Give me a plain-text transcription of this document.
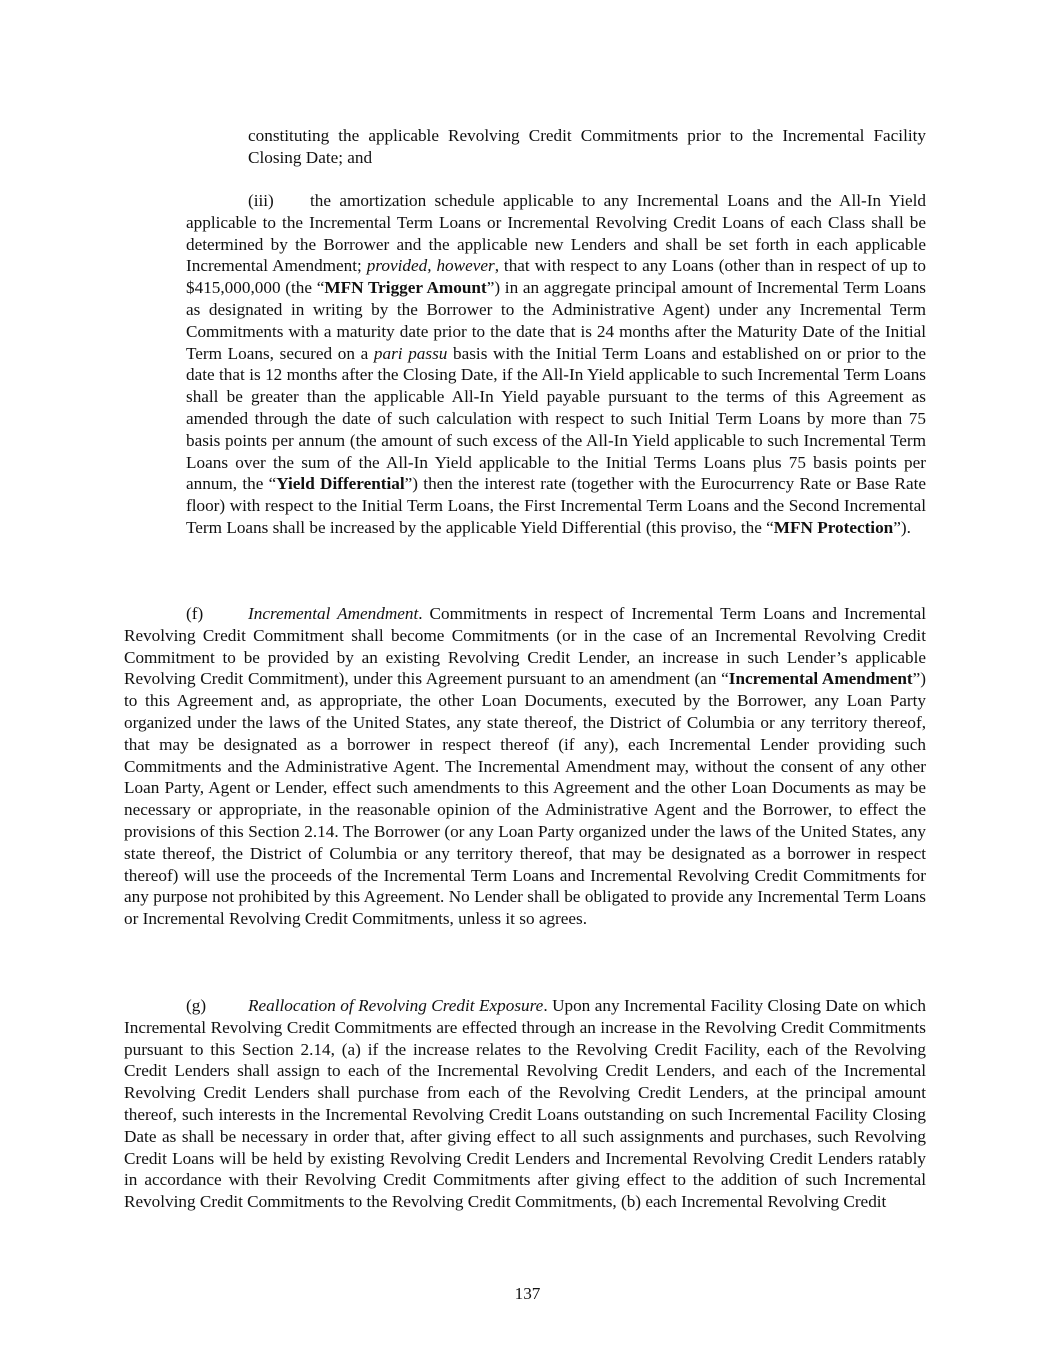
constituting the applicable Revolving Credit Commitments prior to the Incremental Facility Closing Date; and

(iii) the amortization schedule applicable to any Incremental Loans and the All-In Yield applicable to the Incremental Term Loans or Incremental Revolving Credit Loans of each Class shall be determined by the Borrower and the applicable new Lenders and shall be set forth in each applicable Incremental Amendment; provided, however, that with respect to any Loans (other than in respect of up to $415,000,000 (the “MFN Trigger Amount”) in an aggregate principal amount of Incremental Term Loans as designated in writing by the Borrower to the Administrative Agent) under any Incremental Term Commitments with a maturity date prior to the date that is 24 months after the Maturity Date of the Initial Term Loans, secured on a pari passu basis with the Initial Term Loans and established on or prior to the date that is 12 months after the Closing Date, if the All-In Yield applicable to such Incremental Term Loans shall be greater than the applicable All-In Yield payable pursuant to the terms of this Agreement as amended through the date of such calculation with respect to such Initial Term Loans by more than 75 basis points per annum (the amount of such excess of the All-In Yield applicable to such Incremental Term Loans over the sum of the All-In Yield applicable to the Initial Terms Loans plus 75 basis points per annum, the “Yield Differential”) then the interest rate (together with the Eurocurrency Rate or Base Rate floor) with respect to the Initial Term Loans, the First Incremental Term Loans and the Second Incremental Term Loans shall be increased by the applicable Yield Differential (this proviso, the “MFN Protection”).

(f)	Incremental Amendment. Commitments in respect of Incremental Term Loans and Incremental Revolving Credit Commitment shall become Commitments (or in the case of an Incremental Revolving Credit Commitment to be provided by an existing Revolving Credit Lender, an increase in such Lender’s applicable Revolving Credit Commitment), under this Agreement pursuant to an amendment (an “Incremental Amendment”) to this Agreement and, as appropriate, the other Loan Documents, executed by the Borrower, any Loan Party organized under the laws of the United States, any state thereof, the District of Columbia or any territory thereof, that may be designated as a borrower in respect thereof (if any), each Incremental Lender providing such Commitments and the Administrative Agent. The Incremental Amendment may, without the consent of any other Loan Party, Agent or Lender, effect such amendments to this Agreement and the other Loan Documents as may be necessary or appropriate, in the reasonable opinion of the Administrative Agent and the Borrower, to effect the provisions of this Section 2.14. The Borrower (or any Loan Party organized under the laws of the United States, any state thereof, the District of Columbia or any territory thereof, that may be designated as a borrower in respect thereof) will use the proceeds of the Incremental Term Loans and Incremental Revolving Credit Commitments for any purpose not prohibited by this Agreement. No Lender shall be obligated to provide any Incremental Term Loans or Incremental Revolving Credit Commitments, unless it so agrees.

(g) Reallocation of Revolving Credit Exposure. Upon any Incremental Facility Closing Date on which Incremental Revolving Credit Commitments are effected through an increase in the Revolving Credit Commitments pursuant to this Section 2.14, (a) if the increase relates to the Revolving Credit Facility, each of the Revolving Credit Lenders shall assign to each of the Incremental Revolving Credit Lenders, and each of the Incremental Revolving Credit Lenders shall purchase from each of the Revolving Credit Lenders, at the principal amount thereof, such interests in the Incremental Revolving Credit Loans outstanding on such Incremental Facility Closing Date as shall be necessary in order that, after giving effect to all such assignments and purchases, such Revolving Credit Loans will be held by existing Revolving Credit Lenders and Incremental Revolving Credit Lenders ratably in accordance with their Revolving Credit Commitments after giving effect to the addition of such Incremental Revolving Credit Commitments to the Revolving Credit Commitments, (b) each Incremental Revolving Credit

137
